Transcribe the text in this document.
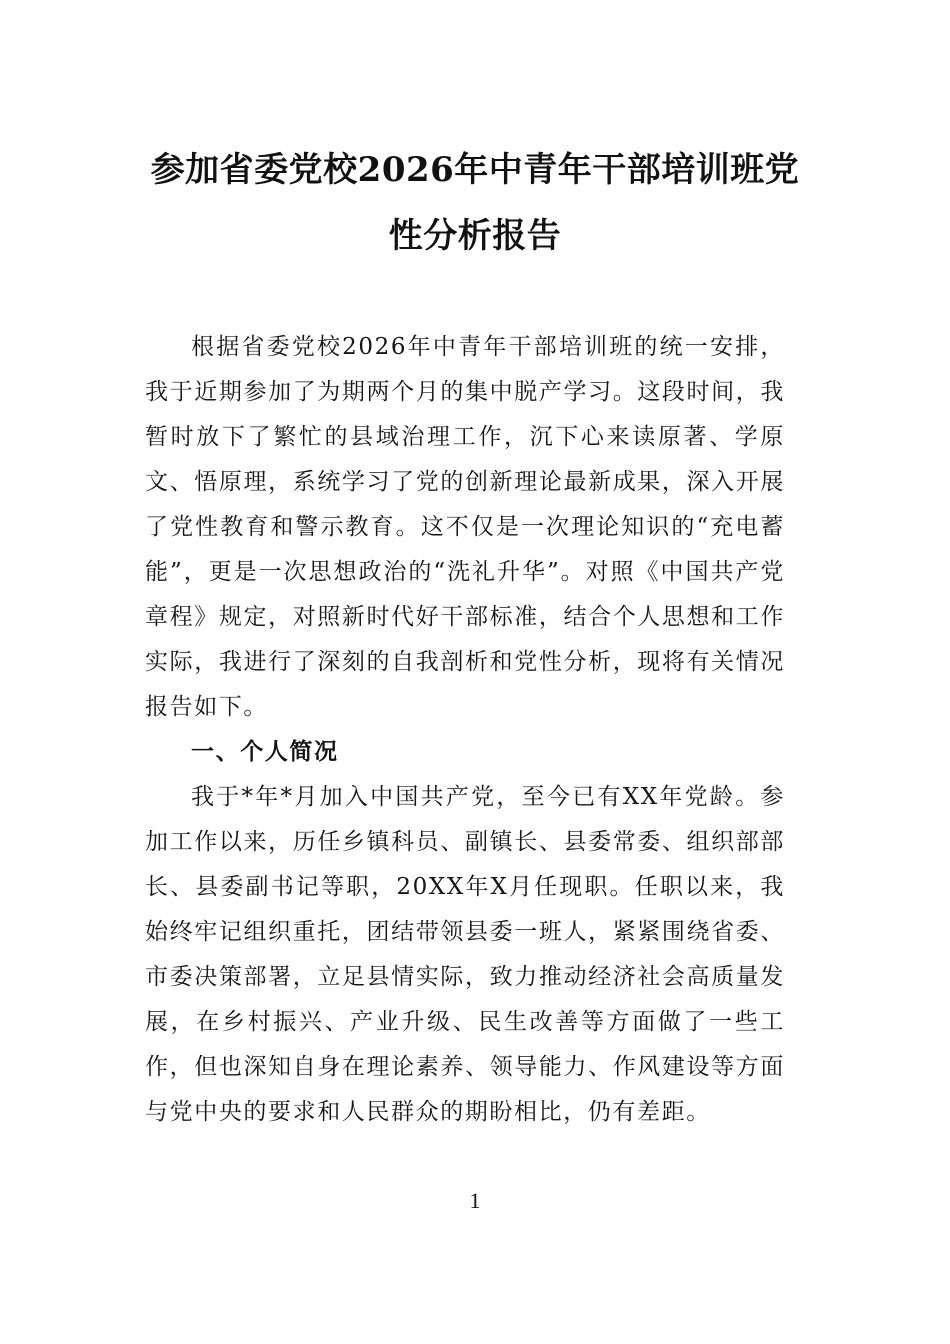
参加省委党校2026年中青年干部培训班党
性分析报告

根据省委党校2026年中青年干部培训班的统一安排，我于近期参加了为期两个月的集中脱产学习。这段时间，我暂时放下了繁忙的县域治理工作，沉下心来读原著、学原文、悟原理，系统学习了党的创新理论最新成果，深入开展了党性教育和警示教育。这不仅是一次理论知识的“充电蓄能”，更是一次思想政治的“洗礼升华”。对照《中国共产党章程》规定，对照新时代好干部标准，结合个人思想和工作实际，我进行了深刻的自我剖析和党性分析，现将有关情况报告如下。

一、个人简况

我于*年*月加入中国共产党，至今已有XX年党龄。参加工作以来，历任乡镇科员、副镇长、县委常委、组织部部长、县委副书记等职，20XX年X月任现职。任职以来，我始终牢记组织重托，团结带领县委一班人，紧紧围绕省委、市委决策部署，立足县情实际，致力推动经济社会高质量发展，在乡村振兴、产业升级、民生改善等方面做了一些工作，但也深知自身在理论素养、领导能力、作风建设等方面与党中央的要求和人民群众的期盼相比，仍有差距。

1
